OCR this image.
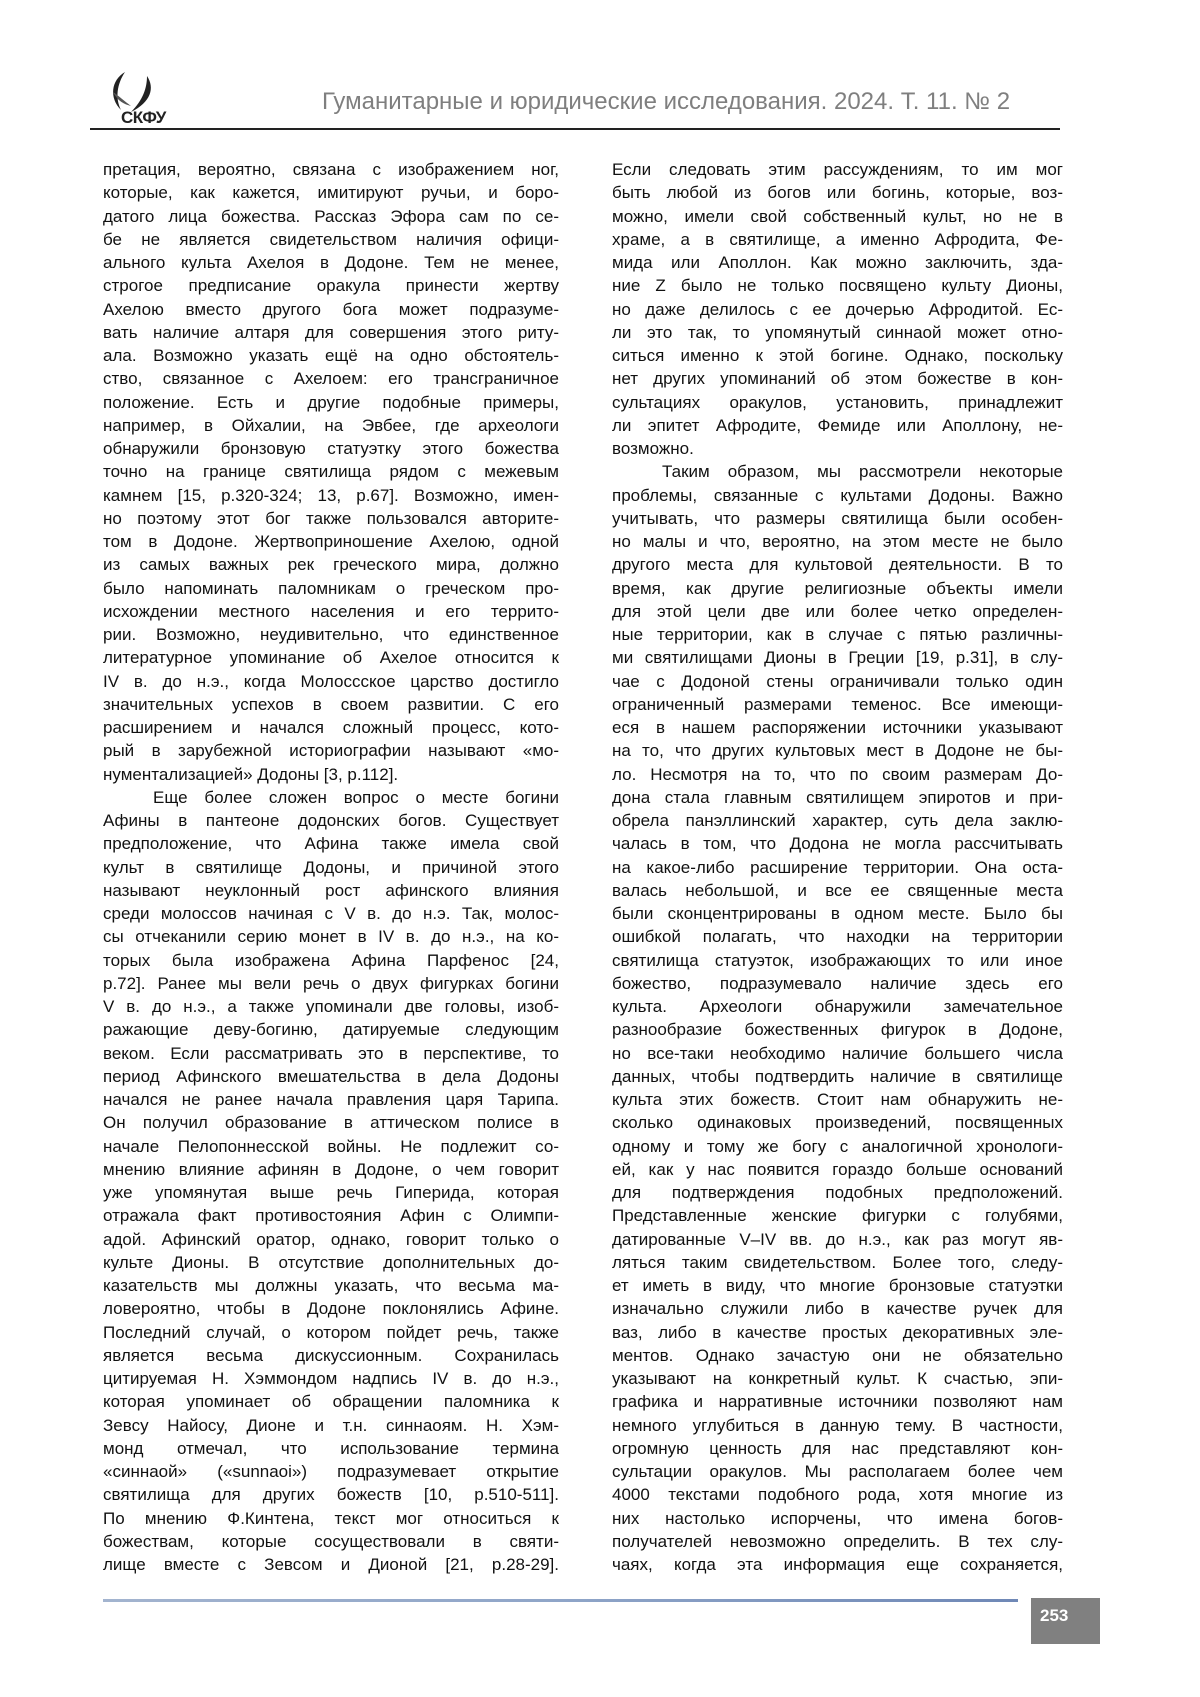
СКФУ
Гуманитарные и юридические исследования. 2024. Т. 11. № 2
претация, вероятно, связана с изображением ног,
которые, как кажется, имитируют ручьи, и боро-
датого лица божества. Рассказ Эфора сам по се-
бе не является свидетельством наличия офици-
ального культа Ахелоя в Додоне. Тем не менее,
строгое предписание оракула принести жертву
Ахелою вместо другого бога может подразуме-
вать наличие алтаря для совершения этого риту-
ала. Возможно указать ещё на одно обстоятель-
ство, связанное с Ахелоем: его трансграничное
положение. Есть и другие подобные примеры,
например, в Ойхалии, на Эвбее, где археологи
обнаружили бронзовую статуэтку этого божества
точно на границе святилища рядом с межевым
камнем [15, p.320-324; 13, p.67]. Возможно, имен-
но поэтому этот бог также пользовался авторите-
том в Додоне. Жертвоприношение Ахелою, одной
из самых важных рек греческого мира, должно
было напоминать паломникам о греческом про-
исхождении местного населения и его террито-
рии. Возможно, неудивительно, что единственное
литературное упоминание об Ахелое относится к
IV в. до н.э., когда Молосcское царство достигло
значительных успехов в своем развитии. С его
расширением и начался сложный процесс, кото-
рый в зарубежной историографии называют «мо-
нументализацией» Додоны [3, p.112].
Еще более сложен вопрос о месте богини
Афины в пантеоне додонских богов. Существует
предположение, что Афина также имела свой
культ в святилище Додоны, и причиной этого
называют неуклонный рост афинского влияния
среди молоссов начиная с V в. до н.э. Так, молос-
сы отчеканили серию монет в IV в. до н.э., на ко-
торых была изображена Афина Парфенос [24,
p.72]. Ранее мы вели речь о двух фигурках богини
V в. до н.э., а также упоминали две головы, изоб-
ражающие деву-богиню, датируемые следующим
веком. Если рассматривать это в перспективе, то
период Афинского вмешательства в дела Додоны
начался не ранее начала правления царя Тарипа.
Он получил образование в аттическом полисе в
начале Пелопоннесской войны. Не подлежит со-
мнению влияние афинян в Додоне, о чем говорит
уже упомянутая выше речь Гиперида, которая
отражала факт противостояния Афин с Олимпи-
адой. Афинский оратор, однако, говорит только о
культе Дионы. В отсутствие дополнительных до-
казательств мы должны указать, что весьма ма-
ловероятно, чтобы в Додоне поклонялись Афине.
Последний случай, о котором пойдет речь, также
является весьма дискуссионным. Сохранилась
цитируемая Н. Хэммондом надпись IV в. до н.э.,
которая упоминает об обращении паломника к
Зевсу Найосу, Дионе и т.н. синнаоям. Н. Хэм-
монд отмечал, что использование термина
«синнаой» («sunnaoi») подразумевает открытие
святилища для других божеств [10, p.510-511].
По мнению Ф.Кинтена, текст мог относиться к
божествам, которые сосуществовали в святи-
лище вместе с Зевсом и Дионой [21, p.28-29].
Если следовать этим рассуждениям, то им мог
быть любой из богов или богинь, которые, воз-
можно, имели свой собственный культ, но не в
храме, а в святилище, а именно Афродита, Фе-
мида или Аполлон. Как можно заключить, зда-
ние Z было не только посвящено культу Дионы,
но даже делилось с ее дочерью Афродитой. Ес-
ли это так, то упомянутый синнаой может отно-
ситься именно к этой богине. Однако, поскольку
нет других упоминаний об этом божестве в кон-
сультациях оракулов, установить, принадлежит
ли эпитет Афродите, Фемиде или Аполлону, не-
возможно.
Таким образом, мы рассмотрели некоторые
проблемы, связанные с культами Додоны. Важно
учитывать, что размеры святилища были особен-
но малы и что, вероятно, на этом месте не было
другого места для культовой деятельности. В то
время, как другие религиозные объекты имели
для этой цели две или более четко определен-
ные территории, как в случае с пятью различны-
ми святилищами Дионы в Греции [19, p.31], в слу-
чае с Додоной стены ограничивали только один
ограниченный размерами теменос. Все имеющи-
еся в нашем распоряжении источники указывают
на то, что других культовых мест в Додоне не бы-
ло. Несмотря на то, что по своим размерам До-
дона стала главным святилищем эпиротов и при-
обрела панэллинский характер, суть дела заклю-
чалась в том, что Додона не могла рассчитывать
на какое-либо расширение территории. Она оста-
валась небольшой, и все ее священные места
были сконцентрированы в одном месте. Было бы
ошибкой полагать, что находки на территории
святилища статуэток, изображающих то или иное
божество, подразумевало наличие здесь его
культа. Археологи обнаружили замечательное
разнообразие божественных фигурок в Додоне,
но все-таки необходимо наличие большего числа
данных, чтобы подтвердить наличие в святилище
культа этих божеств. Стоит нам обнаружить не-
сколько одинаковых произведений, посвященных
одному и тому же богу с аналогичной хронологи-
ей, как у нас появится гораздо больше оснований
для подтверждения подобных предположений.
Представленные женские фигурки с голубями,
датированные V–IV вв. до н.э., как раз могут яв-
ляться таким свидетельством. Более того, следу-
ет иметь в виду, что многие бронзовые статуэтки
изначально служили либо в качестве ручек для
ваз, либо в качестве простых декоративных эле-
ментов. Однако зачастую они не обязательно
указывают на конкретный культ. К счастью, эпи-
графика и нарративные источники позволяют нам
немного углубиться в данную тему. В частности,
огромную ценность для нас представляют кон-
сультации оракулов. Мы располагаем более чем
4000 текстами подобного рода, хотя многие из
них настолько испорчены, что имена богов-
получателей невозможно определить. В тех слу-
чаях, когда эта информация еще сохраняется,
253
